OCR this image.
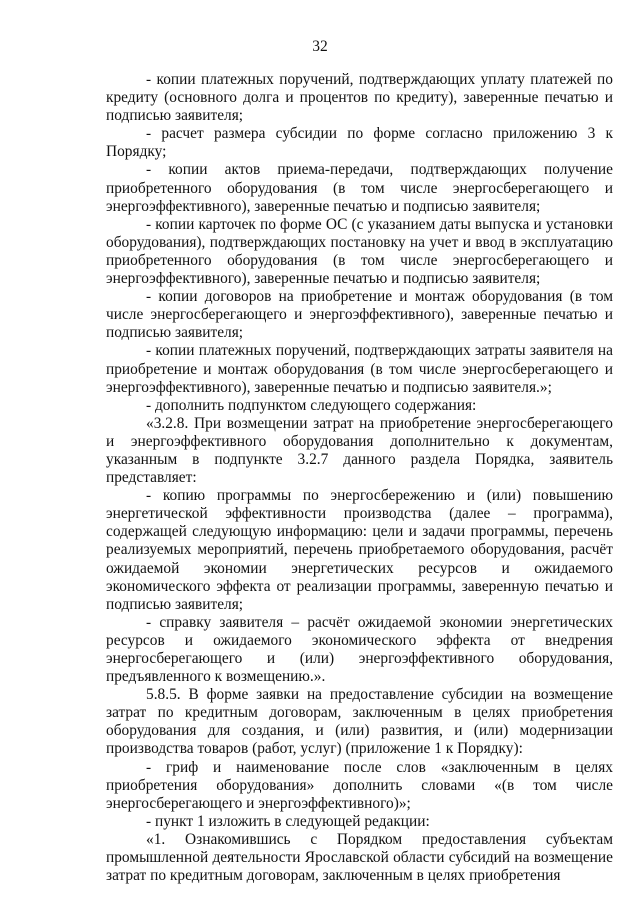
32

- копии платежных поручений, подтверждающих уплату платежей по кредиту (основного долга и процентов по кредиту), заверенные печатью и подписью заявителя;

- расчет размера субсидии по форме согласно приложению 3 к Порядку;

- копии актов приема-передачи, подтверждающих получение приобретенного оборудования (в том числе энергосберегающего и энергоэффективного), заверенные печатью и подписью заявителя;

- копии карточек по форме ОС (с указанием даты выпуска и установки оборудования), подтверждающих постановку на учет и ввод в эксплуатацию приобретенного оборудования (в том числе энергосберегающего и энергоэффективного), заверенные печатью и подписью заявителя;

- копии договоров на приобретение и монтаж оборудования (в том числе энергосберегающего и энергоэффективного), заверенные печатью и подписью заявителя;

- копии платежных поручений, подтверждающих затраты заявителя на приобретение и монтаж оборудования (в том числе энергосберегающего и энергоэффективного), заверенные печатью и подписью заявителя.»;

- дополнить подпунктом следующего содержания:

«3.2.8. При возмещении затрат на приобретение энергосберегающего и энергоэффективного оборудования дополнительно к документам, указанным в подпункте 3.2.7 данного раздела Порядка, заявитель представляет:

- копию программы по энергосбережению и (или) повышению энергетической эффективности производства (далее – программа), содержащей следующую информацию: цели и задачи программы, перечень реализуемых мероприятий, перечень приобретаемого оборудования, расчёт ожидаемой экономии энергетических ресурсов и ожидаемого экономического эффекта от реализации программы, заверенную печатью и подписью заявителя;

- справку заявителя – расчёт ожидаемой экономии энергетических ресурсов и ожидаемого экономического эффекта от внедрения энергосберегающего и (или) энергоэффективного оборудования, предъявленного к возмещению.».

5.8.5. В форме заявки на предоставление субсидии на возмещение затрат по кредитным договорам, заключенным в целях приобретения оборудования для создания, и (или) развития, и (или) модернизации производства товаров (работ, услуг) (приложение 1 к Порядку):

- гриф и наименование после слов «заключенным в целях приобретения оборудования» дополнить словами «(в том числе энергосберегающего и энергоэффективного)»;

- пункт 1 изложить в следующей редакции:

«1. Ознакомившись с Порядком предоставления субъектам промышленной деятельности Ярославской области субсидий на возмещение затрат по кредитным договорам, заключенным в целях приобретения
